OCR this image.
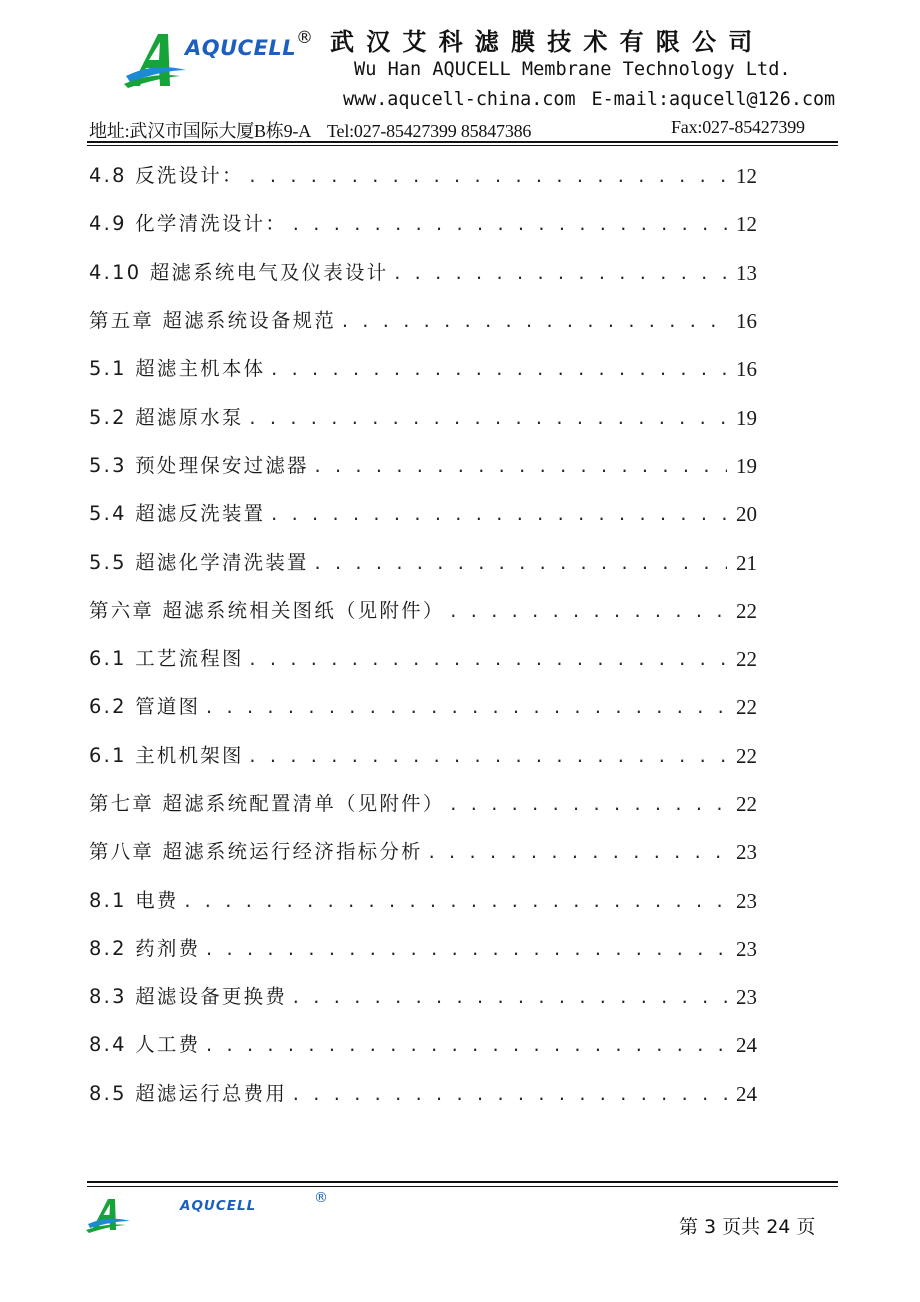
AQUCELL ® 武汉艾科滤膜技术有限公司
Wu Han AQUCELL Membrane Technology Ltd.
www.aqucell-china.com E-mail:aqucell@126.com
地址:武汉市国际大厦B栋9-A Tel:027-85427399 85847386	Fax:027-85427399
4.8 反洗设计： . . .	12
4.9 化学清洗设计： . . .	12
4.10 超滤系统电气及仪表设计 . . .	13
第五章 超滤系统设备规范 . . .	16
5.1 超滤主机本体 . . .	16
5.2 超滤原水泵 . . .	19
5.3 预处理保安过滤器 . . .	19
5.4 超滤反洗装置 . . .	20
5.5 超滤化学清洗装置 . . .	21
第六章 超滤系统相关图纸（见附件） . . .	22
6.1 工艺流程图 . . .	22
6.2 管道图 . . .	22
6.1 主机机架图 . . .	22
第七章 超滤系统配置清单（见附件） . . .	22
第八章 超滤系统运行经济指标分析 . . .	23
8.1 电费 . . .	23
8.2 药剂费 . . .	23
8.3 超滤设备更换费 . . .	23
8.4 人工费 . . .	24
8.5 超滤运行总费用 . . .	24
AQUCELL	®
第 3 页共 24 页
